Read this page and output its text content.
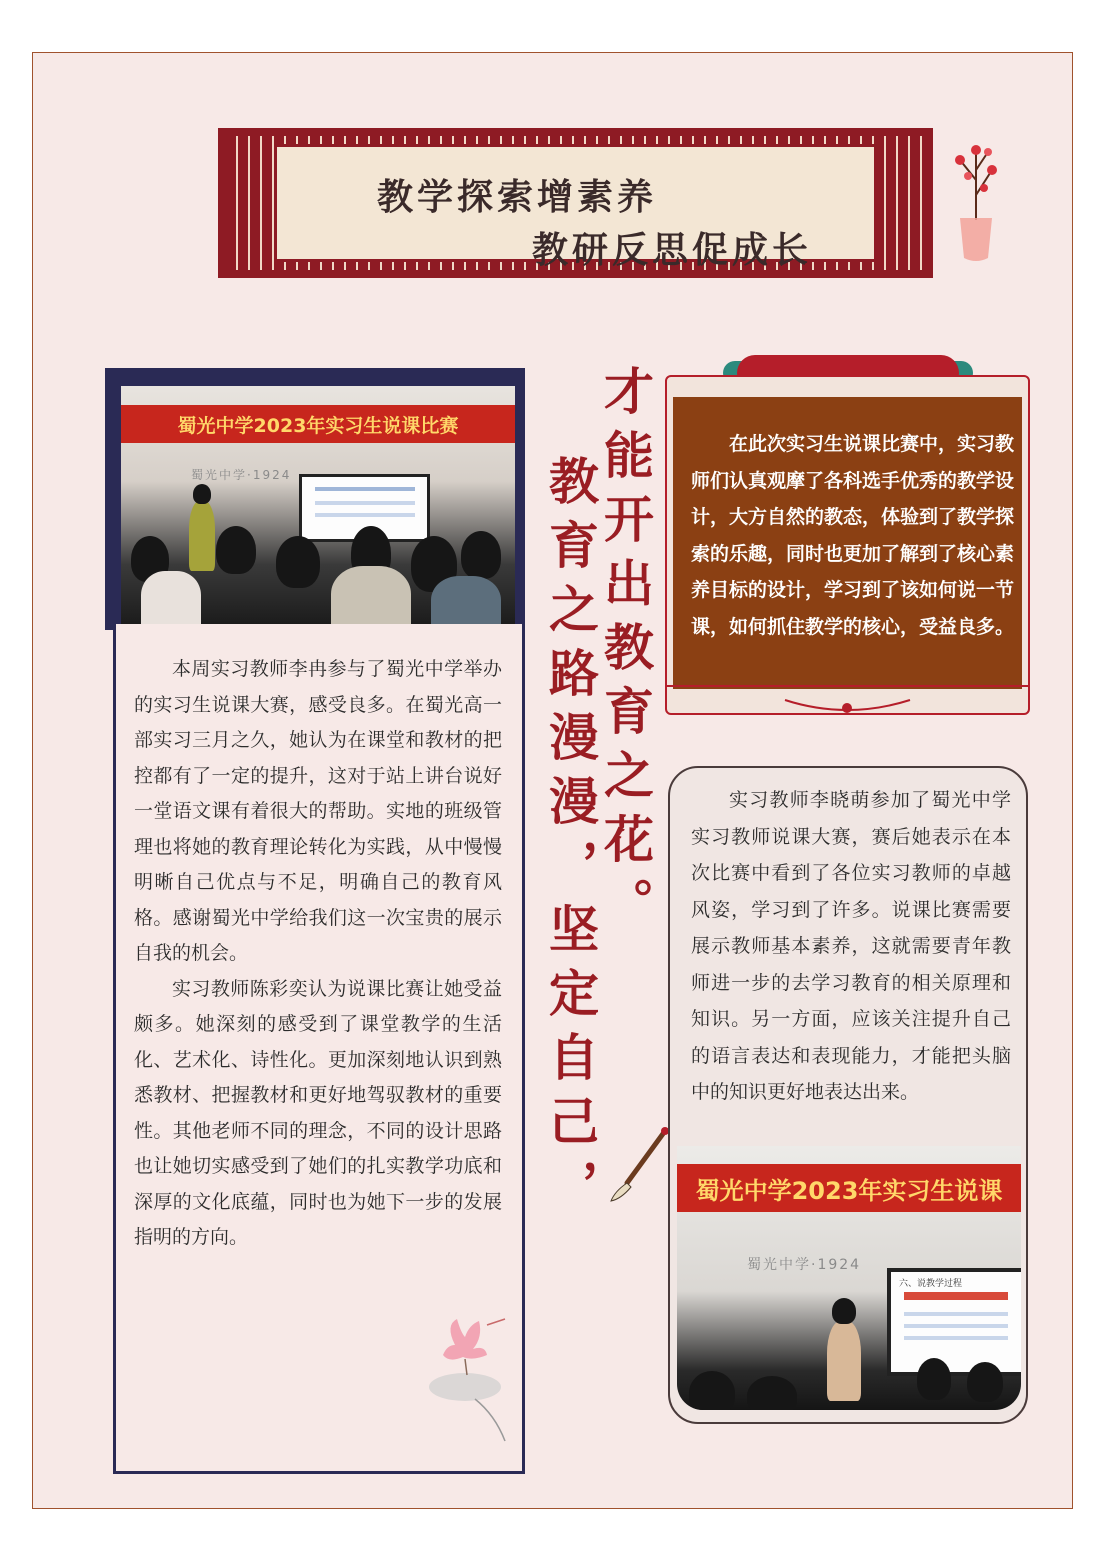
教学探索增素养
教研反思促成长
蜀光中学2023年实习生说课比赛
蜀光中学·1924

本周实习教师李冉参与了蜀光中学举办的实习生说课大赛，感受良多。在蜀光高一部实习三月之久，她认为在课堂和教材的把控都有了一定的提升，这对于站上讲台说好一堂语文课有着很大的帮助。实地的班级管理也将她的教育理论转化为实践，从中慢慢明晰自己优点与不足，明确自己的教育风格。感谢蜀光中学给我们这一次宝贵的展示自我的机会。

实习教师陈彩奕认为说课比赛让她受益颇多。她深刻的感受到了课堂教学的生活化、艺术化、诗性化。更加深刻地认识到熟悉教材、把握教材和更好地驾驭教材的重要性。其他老师不同的理念，不同的设计思路也让她切实感受到了她们的扎实教学功底和深厚的文化底蕴，同时也为她下一步的发展指明的方向。

才能开出教育之花。
教育之路漫漫，坚定自己，
在此次实习生说课比赛中，实习教师们认真观摩了各科选手优秀的教学设计，大方自然的教态，体验到了教学探索的乐趣，同时也更加了解到了核心素养目标的设计，学习到了该如何说一节课，如何抓住教学的核心，受益良多。
实习教师李晓萌参加了蜀光中学实习教师说课大赛，赛后她表示在本次比赛中看到了各位实习教师的卓越风姿，学习到了许多。说课比赛需要展示教师基本素养，这就需要青年教师进一步的去学习教育的相关原理和知识。另一方面，应该关注提升自己的语言表达和表现能力，才能把头脑中的知识更好地表达出来。
蜀光中学2023年实习生说课
蜀光中学·1924
六、说教学过程
